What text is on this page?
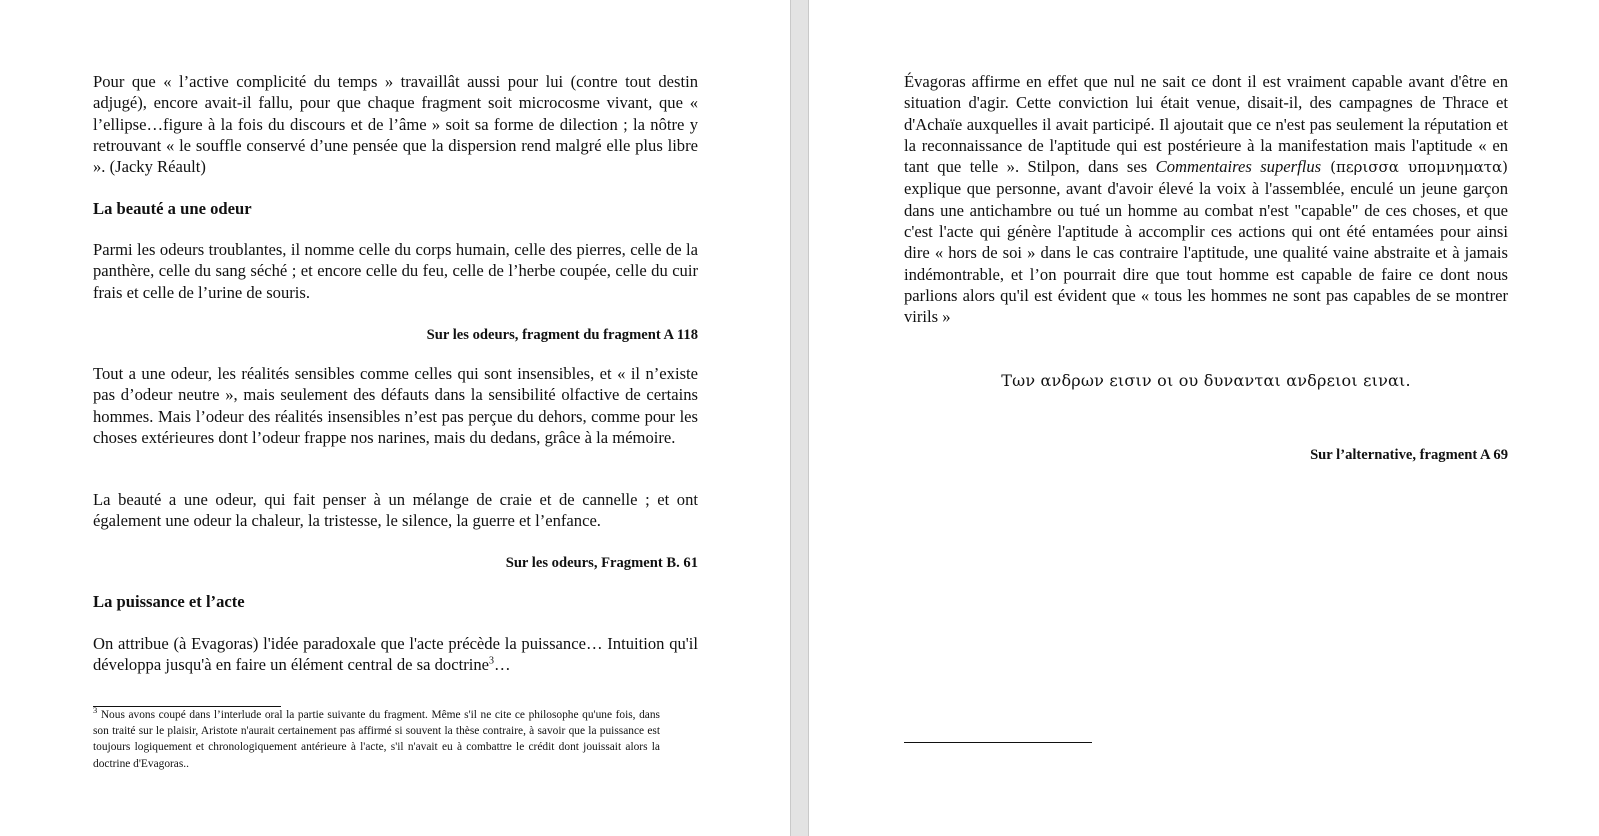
Pour que « l’active complicité du temps » travaillât aussi pour lui (contre tout destin adjugé), encore avait-il fallu, pour que chaque fragment soit microcosme vivant, que « l’ellipse…figure à la fois du discours et de l’âme » soit sa forme de dilection ; la nôtre y retrouvant « le souffle conservé d’une pensée que la dispersion rend malgré elle plus libre ». (Jacky Réault)

La beauté a une odeur

Parmi les odeurs troublantes, il nomme celle du corps humain, celle des pierres, celle de la panthère, celle du sang séché ; et encore celle du feu, celle de l’herbe coupée, celle du cuir frais et celle de l’urine de souris.

Sur les odeurs, fragment du fragment A 118

Tout a une odeur, les réalités sensibles comme celles qui sont insensibles, et « il n’existe pas d’odeur neutre », mais seulement des défauts dans la sensibilité olfactive de certains hommes. Mais l’odeur des réalités insensibles n’est pas perçue du dehors, comme pour les choses extérieures dont l’odeur frappe nos narines, mais du dedans, grâce à la mémoire.

La beauté a une odeur, qui fait penser à un mélange de craie et de cannelle ; et ont également une odeur la chaleur, la tristesse, le silence, la guerre et l’enfance.

Sur les odeurs, Fragment B. 61

La puissance et l’acte

On attribue (à Evagoras) l'idée paradoxale que l'acte précède la puissance… Intuition qu'il développa jusqu'à en faire un élément central de sa doctrine$^3$…

$^3$ Nous avons coupé dans l’interlude oral la partie suivante du fragment. Même s'il ne cite ce philosophe qu'une fois, dans son traité sur le plaisir, Aristote n'aurait certainement pas affirmé si souvent la thèse contraire, à savoir que la puissance est toujours logiquement et chronologiquement antérieure à l'acte, s'il n'avait eu à combattre le crédit dont jouissait alors la doctrine d'Evagoras..

Évagoras affirme en effet que nul ne sait ce dont il est vraiment capable avant d'être en situation d'agir. Cette conviction lui était venue, disait-il, des campagnes de Thrace et d'Achaïe auxquelles il avait participé. Il ajoutait que ce n'est pas seulement la réputation et la reconnaissance de l'aptitude qui est postérieure à la manifestation mais l'aptitude « en tant que telle ». Stilpon, dans ses Commentaires superflus (περισσα υπομνηματα) explique que personne, avant d'avoir élevé la voix à l'assemblée, enculé un jeune garçon dans une antichambre ou tué un homme au combat n'est "capable" de ces choses, et que c'est l'acte qui génère l'aptitude à accomplir ces actions qui ont été entamées pour ainsi dire « hors de soi » dans le cas contraire l'aptitude, une qualité vaine abstraite et à jamais indémontrable, et l’on pourrait dire que tout homme est capable de faire ce dont nous parlions alors qu'il est évident que « tous les hommes ne sont pas capables de se montrer virils »

Των ανδρων εισιν οι ου δυνανται ανδρειοι ειναι.

Sur l’alternative, fragment A 69
